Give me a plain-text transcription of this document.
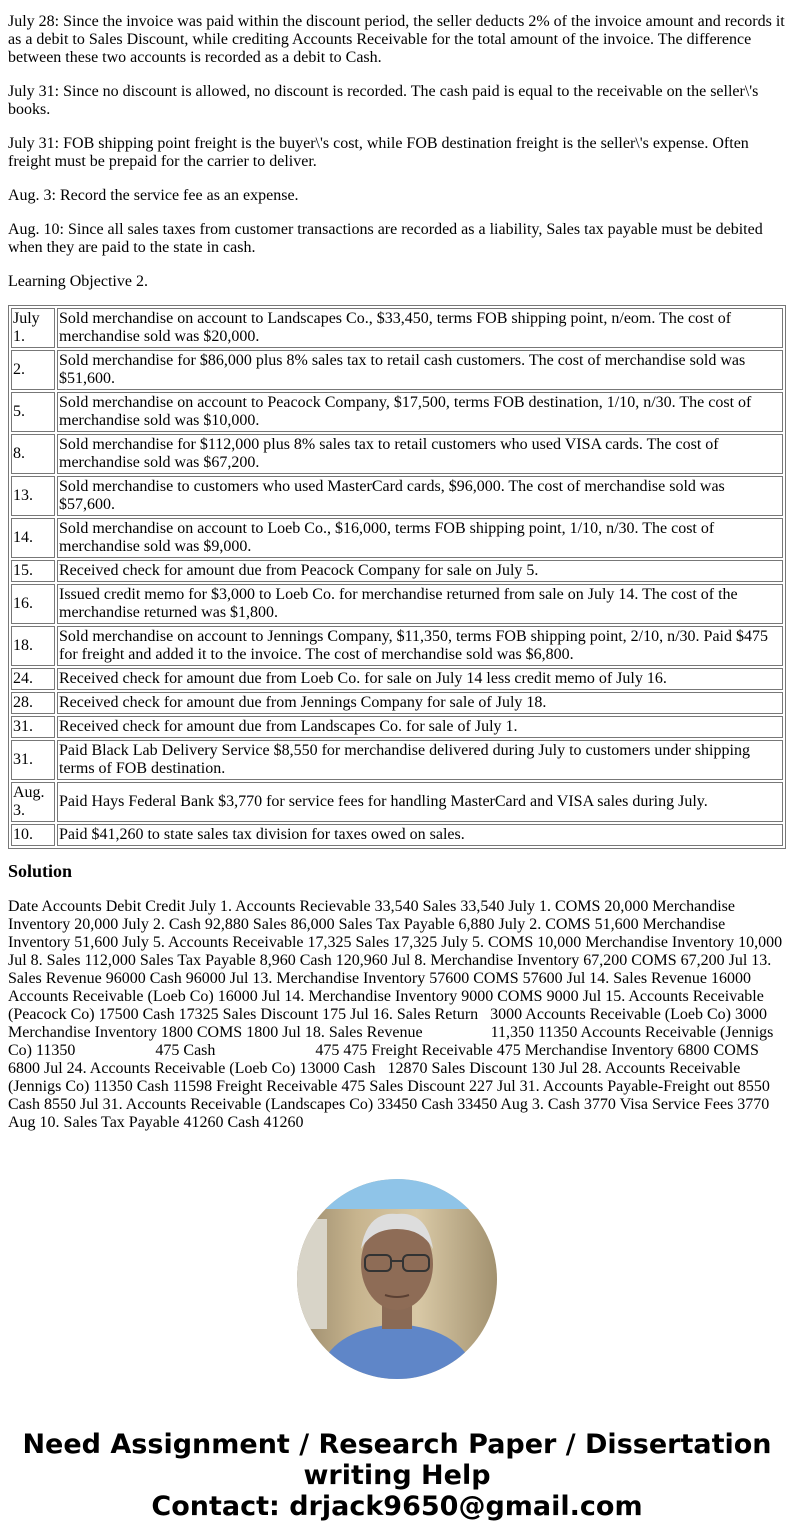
July 28: Since the invoice was paid within the discount period, the seller deducts 2% of the invoice amount and records it as a debit to Sales Discount, while crediting Accounts Receivable for the total amount of the invoice. The difference between these two accounts is recorded as a debit to Cash.

July 31: Since no discount is allowed, no discount is recorded. The cash paid is equal to the receivable on the seller\'s books.

July 31: FOB shipping point freight is the buyer\'s cost, while FOB destination freight is the seller\'s expense. Often freight must be prepaid for the carrier to deliver.

Aug. 3: Record the service fee as an expense.

Aug. 10: Since all sales taxes from customer transactions are recorded as a liability, Sales tax payable must be debited when they are paid to the state in cash.

Learning Objective 2.

July 1.	Sold merchandise on account to Landscapes Co., $33,450, terms FOB shipping point, n/eom. The cost of merchandise sold was $20,000.
2.	Sold merchandise for $86,000 plus 8% sales tax to retail cash customers. The cost of merchandise sold was $51,600.
5.	Sold merchandise on account to Peacock Company, $17,500, terms FOB destination, 1/10, n/30. The cost of merchandise sold was $10,000.
8.	Sold merchandise for $112,000 plus 8% sales tax to retail customers who used VISA cards. The cost of merchandise sold was $67,200.
13.	Sold merchandise to customers who used MasterCard cards, $96,000. The cost of merchandise sold was $57,600.
14.	Sold merchandise on account to Loeb Co., $16,000, terms FOB shipping point, 1/10, n/30. The cost of merchandise sold was $9,000.
15.	Received check for amount due from Peacock Company for sale on July 5.
16.	Issued credit memo for $3,000 to Loeb Co. for merchandise returned from sale on July 14. The cost of the merchandise returned was $1,800.
18.	Sold merchandise on account to Jennings Company, $11,350, terms FOB shipping point, 2/10, n/30. Paid $475 for freight and added it to the invoice. The cost of merchandise sold was $6,800.
24.	Received check for amount due from Loeb Co. for sale on July 14 less credit memo of July 16.
28.	Received check for amount due from Jennings Company for sale of July 18.
31.	Received check for amount due from Landscapes Co. for sale of July 1.
31.	Paid Black Lab Delivery Service $8,550 for merchandise delivered during July to customers under shipping terms of FOB destination.
Aug. 3.	Paid Hays Federal Bank $3,770 for service fees for handling MasterCard and VISA sales during July.
10.	Paid $41,260 to state sales tax division for taxes owed on sales.
Solution

Date Accounts Debit Credit July 1. Accounts Recievable 33,540 Sales 33,540 July 1. COMS 20,000 Merchandise Inventory 20,000 July 2. Cash 92,880 Sales 86,000 Sales Tax Payable 6,880 July 2. COMS 51,600 Merchandise Inventory 51,600 July 5. Accounts Receivable 17,325 Sales 17,325 July 5. COMS 10,000 Merchandise Inventory 10,000 Jul 8. Sales 112,000 Sales Tax Payable 8,960 Cash 120,960 Jul 8. Merchandise Inventory 67,200 COMS 67,200 Jul 13. Sales Revenue 96000 Cash 96000 Jul 13. Merchandise Inventory 57600 COMS 57600 Jul 14. Sales Revenue 16000 Accounts Receivable (Loeb Co) 16000 Jul 14. Merchandise Inventory 9000 COMS 9000 Jul 15. Accounts Receivable (Peacock Co) 17500 Cash 17325 Sales Discount 175 Jul 16. Sales Return   3000 Accounts Receivable (Loeb Co) 3000 Merchandise Inventory 1800 COMS 1800 Jul 18. Sales Revenue                 11,350 11350 Accounts Receivable (Jennigs Co) 11350                    475 Cash                         475 475 Freight Receivable 475 Merchandise Inventory 6800 COMS 6800 Jul 24. Accounts Receivable (Loeb Co) 13000 Cash   12870 Sales Discount 130 Jul 28. Accounts Receivable (Jennigs Co) 11350 Cash 11598 Freight Receivable 475 Sales Discount 227 Jul 31. Accounts Payable-Freight out 8550 Cash 8550 Jul 31. Accounts Receivable (Landscapes Co) 33450 Cash 33450 Aug 3. Cash 3770 Visa Service Fees 3770 Aug 10. Sales Tax Payable 41260 Cash 41260

Need Assignment / Research Paper / Dissertation writing Help
Contact: drjack9650@gmail.com
